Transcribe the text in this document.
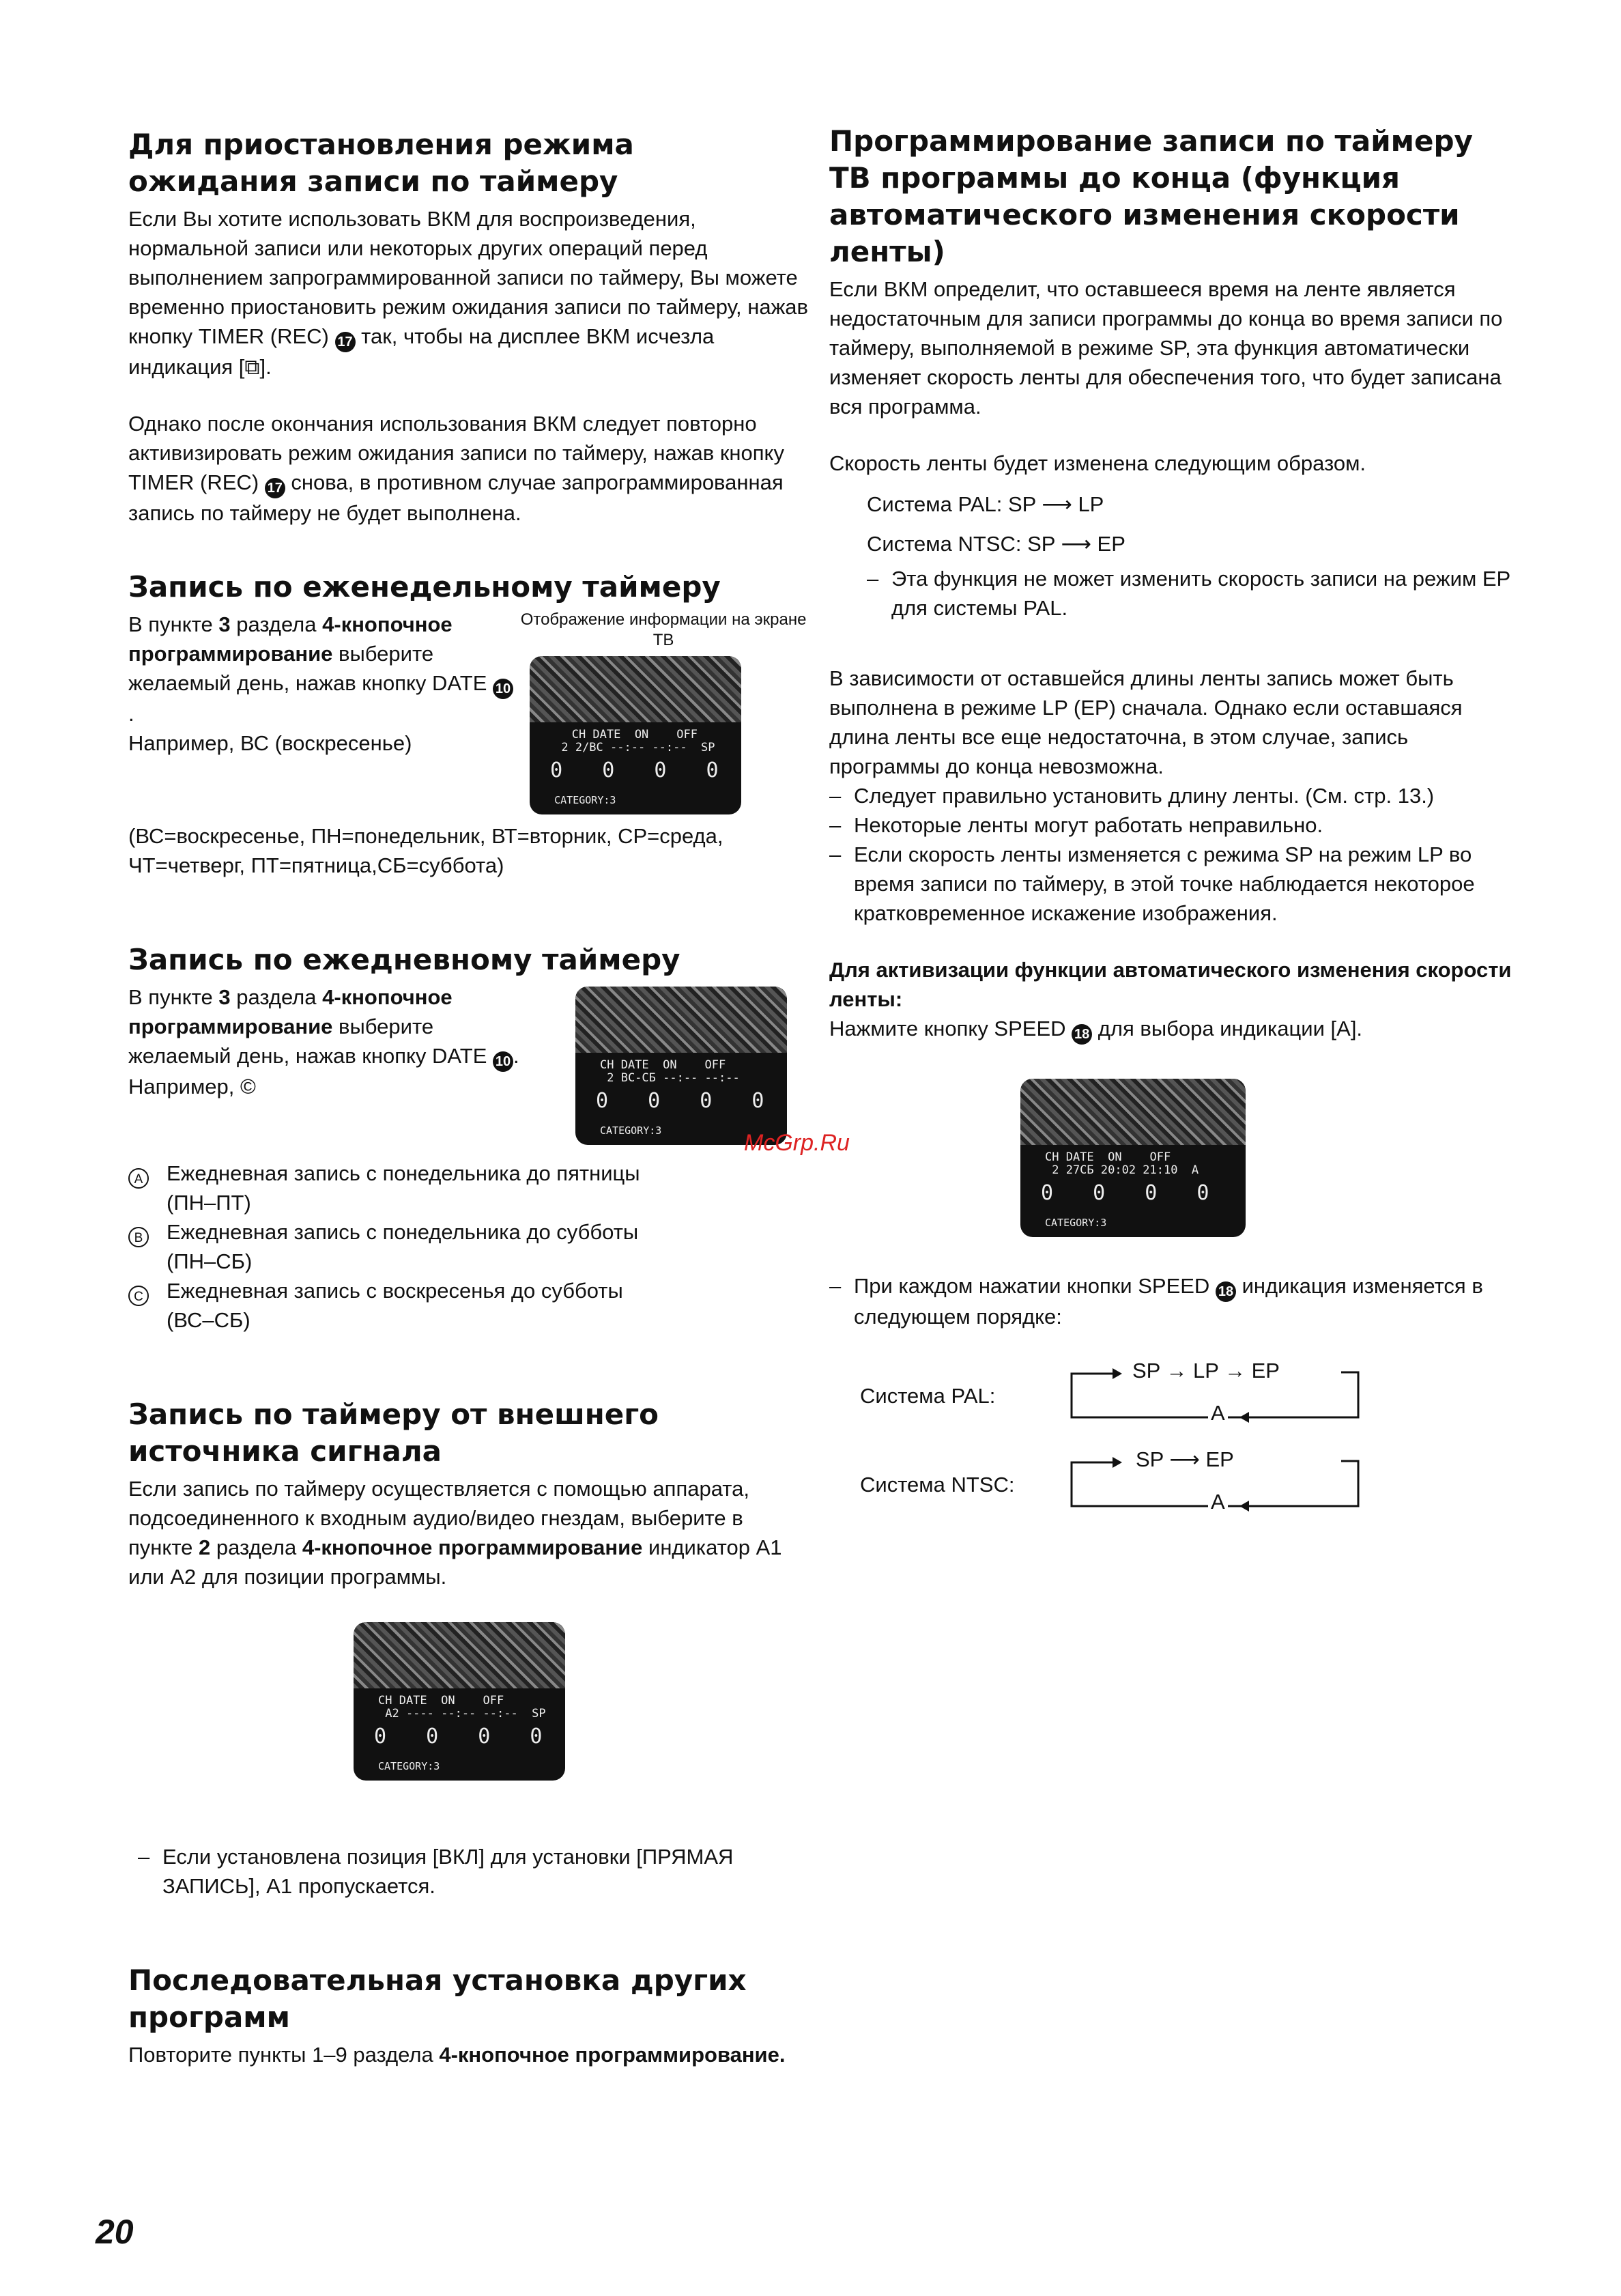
Для приостановления режима ожидания записи по таймеру

Если Вы хотите использовать ВКМ для воспроизведения, нормальной записи или некоторых других операций перед выполнением запрограммированной записи по таймеру, Вы можете временно приостановить режим ожидания записи по таймеру, нажав кнопку TIMER (REC) 17 так, чтобы на дисплее ВКМ исчезла индикация [⧉].

Однако после окончания использования ВКМ следует повторно активизировать режим ожидания записи по таймеру, нажав кнопку TIMER (REC) 17 снова, в противном случае запрограммированная запись по таймеру не будет выполнена.

Запись по еженедельному таймеру

В пункте 3 раздела 4-кнопочное программирование выберите желаемый день, нажав кнопку DATE 10.
Например, ВС (воскресенье)

Отображение информации на экране ТВ
CH DATE  ON    OFF
2 2/ВС --:-- --:--  SP
0 0 0 0
CATEGORY:3

(ВС=воскресенье, ПН=понедельник, ВТ=вторник, СР=среда, ЧТ=четверг, ПТ=пятница,СБ=суббота)

Запись по ежедневному таймеру

В пункте 3 раздела 4-кнопочное программирование выберите желаемый день, нажав кнопку DATE 10 .
Например, ©

CH DATE  ON    OFF
2 ВС-СБ --:-- --:--
0 0 0 0
CATEGORY:3
A	Ежедневная запись с понедельника до пятницы
(ПН–ПТ)
B	Ежедневная запись с понедельника до субботы
(ПН–СБ)
C	Ежедневная запись с воскресенья до субботы
(ВС–СБ)
Запись по таймеру от внешнего источника сигнала

Если запись по таймеру осуществляется с помощью аппарата, подсоединенного к входным аудио/видео гнездам, выберите в пункте 2 раздела 4-кнопочное программирование индикатор A1 или A2 для позиции программы.

CH DATE  ON    OFF
A2 ---- --:-- --:--  SP
0 0 0 0
CATEGORY:3
– Если установлена позиция [ВКЛ] для установки [ПРЯМАЯ ЗАПИСЬ], A1 пропускается.
Последовательная установка других программ

Повторите пункты 1–9 раздела 4-кнопочное программирование.

Программирование записи по таймеру ТВ программы до конца (функция автоматического изменения скорости ленты)

Если ВКМ определит, что оставшееся время на ленте является недостаточным для записи программы до конца во время записи по таймеру, выполняемой в режиме SP, эта функция автоматически изменяет скорость ленты для обеспечения того, что будет записана вся программа.

Скорость ленты будет изменена следующим образом.

Система PAL: SP ⟶ LP

Система NTSC: SP ⟶ EP

– Эта функция не может изменить скорость записи на режим EP для системы PAL.

В зависимости от оставшейся длины ленты запись может быть выполнена в режиме LP (EP) сначала. Однако если оставшаяся длина ленты все еще недостаточна, в этом случае, запись программы до конца невозможна.

– Следует правильно установить длину ленты. (См. стр. 13.)
– Некоторые ленты могут работать неправильно.
– Если скорость ленты изменяется с режима SP на режим LP во время записи по таймеру, в этой точке наблюдается некоторое кратковременное искажение изображения.

Для активизации функции автоматического изменения скорости ленты:

Нажмите кнопку SPEED 18 для выбора индикации [A].

CH DATE  ON    OFF
2 27СБ 20:02 21:10  A
0 0 0 0
CATEGORY:3
– При каждом нажатии кнопки SPEED 18 индикация изменяется в следующем порядке:
Система PAL:
SP → LP → EP
A
Система NTSC:
SP ⟶ EP
A
McGrp.Ru
20
